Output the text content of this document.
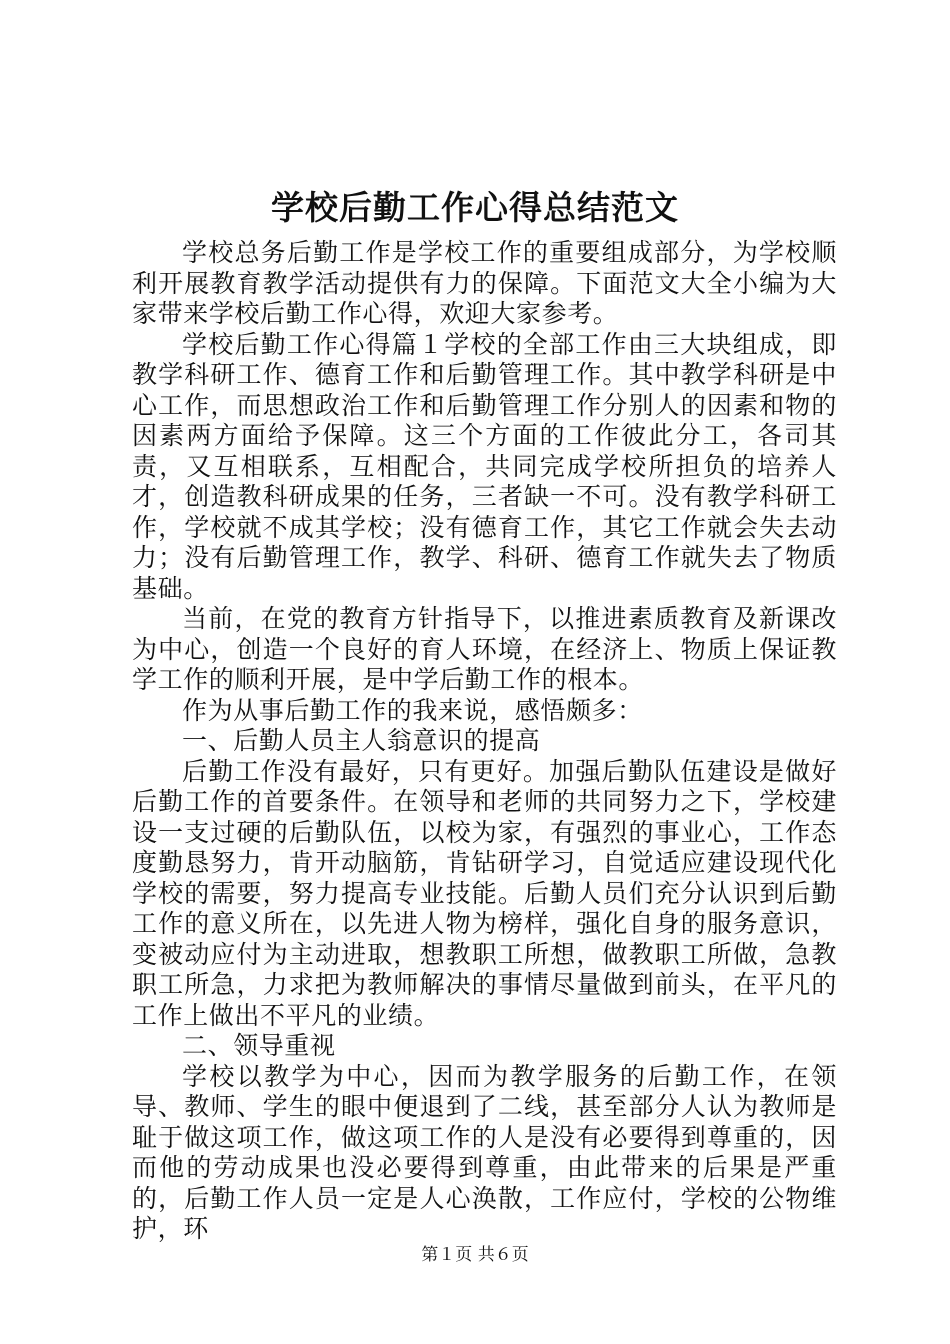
学校后勤工作心得总结范文

学校总务后勤工作是学校工作的重要组成部分，为学校顺利开展教育教学活动提供有力的保障。下面范文大全小编为大家带来学校后勤工作心得，欢迎大家参考。

学校后勤工作心得篇１学校的全部工作由三大块组成，即教学科研工作、德育工作和后勤管理工作。其中教学科研是中心工作，而思想政治工作和后勤管理工作分别人的因素和物的因素两方面给予保障。这三个方面的工作彼此分工，各司其责，又互相联系，互相配合，共同完成学校所担负的培养人才，创造教科研成果的任务，三者缺一不可。没有教学科研工作，学校就不成其学校；没有德育工作，其它工作就会失去动力；没有后勤管理工作，教学、科研、德育工作就失去了物质基础。

当前，在党的教育方针指导下，以推进素质教育及新课改为中心，创造一个良好的育人环境，在经济上、物质上保证教学工作的顺利开展，是中学后勤工作的根本。

作为从事后勤工作的我来说，感悟颇多：

一、后勤人员主人翁意识的提高

后勤工作没有最好，只有更好。加强后勤队伍建设是做好后勤工作的首要条件。在领导和老师的共同努力之下，学校建设一支过硬的后勤队伍，以校为家，有强烈的事业心，工作态度勤恳努力，肯开动脑筋，肯钻研学习，自觉适应建设现代化学校的需要，努力提高专业技能。后勤人员们充分认识到后勤工作的意义所在，以先进人物为榜样，强化自身的服务意识，变被动应付为主动进取，想教职工所想，做教职工所做，急教职工所急，力求把为教师解决的事情尽量做到前头，在平凡的工作上做出不平凡的业绩。

二、领导重视

学校以教学为中心，因而为教学服务的后勤工作，在领导、教师、学生的眼中便退到了二线，甚至部分人认为教师是耻于做这项工作，做这项工作的人是没有必要得到尊重的，因而他的劳动成果也没必要得到尊重，由此带来的后果是严重的，后勤工作人员一定是人心涣散，工作应付，学校的公物维护，环

第１页 共６页
